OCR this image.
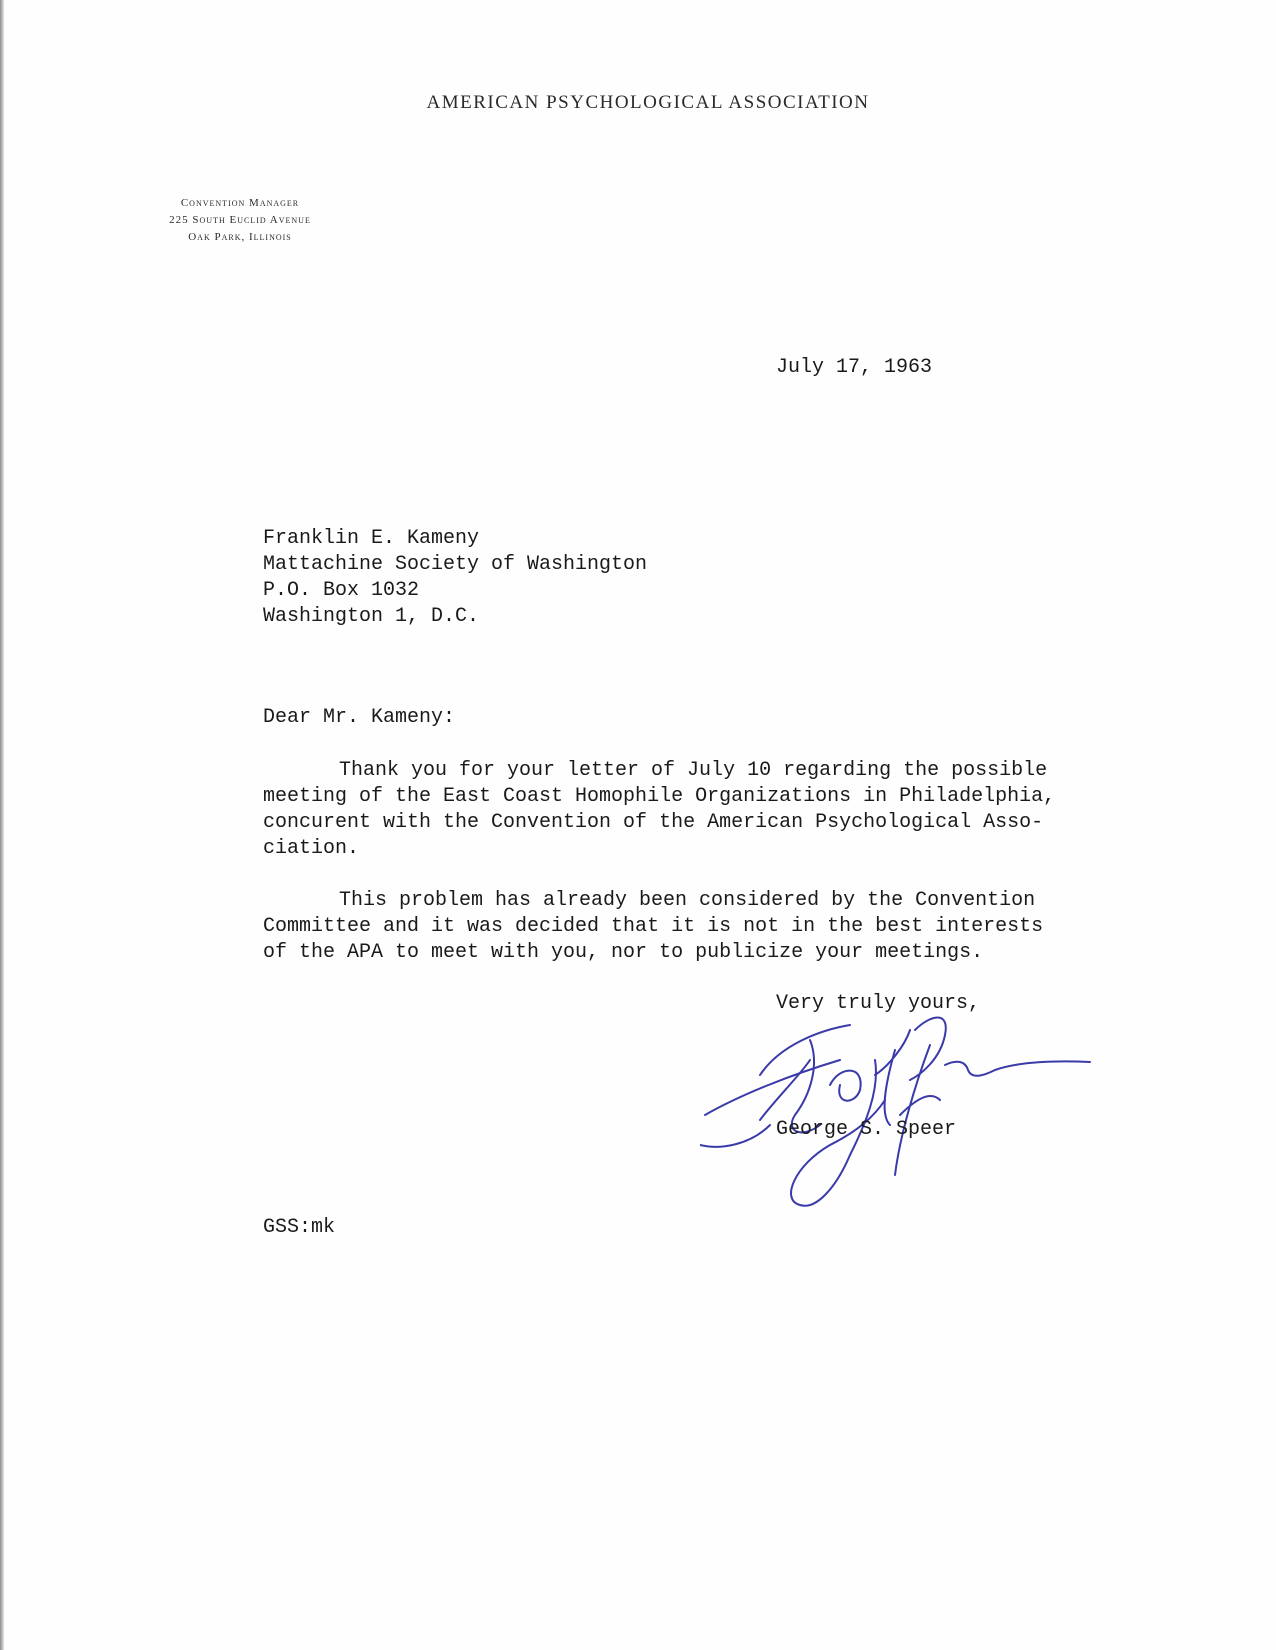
AMERICAN PSYCHOLOGICAL ASSOCIATION
Convention Manager
225 South Euclid Avenue
Oak Park, Illinois
July 17, 1963
Franklin E. Kameny
Mattachine Society of Washington
P.O. Box 1032
Washington 1, D.C.
Dear Mr. Kameny:
Thank you for your letter of July 10 regarding the possible
meeting of the East Coast Homophile Organizations in Philadelphia,
concurent with the Convention of the American Psychological Asso-
ciation.
This problem has already been considered by the Convention
Committee and it was decided that it is not in the best interests
of the APA to meet with you, nor to publicize your meetings.
Very truly yours,
George S. Speer
GSS:mk
